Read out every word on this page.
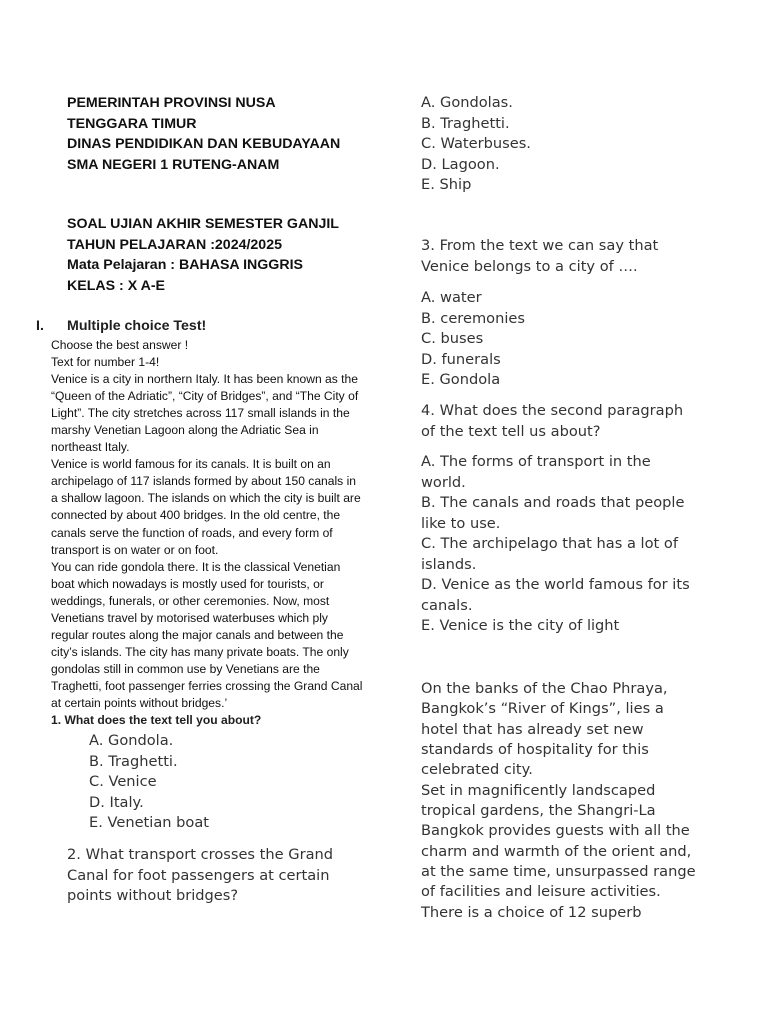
PEMERINTAH PROVINSI NUSA
TENGGARA TIMUR
DINAS PENDIDIKAN DAN KEBUDAYAAN
SMA NEGERI 1 RUTENG-ANAM
SOAL UJIAN AKHIR SEMESTER GANJIL
TAHUN PELAJARAN :2024/2025
Mata Pelajaran : BAHASA INGGRIS
KELAS : X A-E
I. Multiple choice Test!
Choose the best answer !
Text for number 1-4!
Venice is a city in northern Italy. It has been known as the
“Queen of the Adriatic”, “City of Bridges”, and “The City of
Light”. The city stretches across 117 small islands in the
marshy Venetian Lagoon along the Adriatic Sea in
northeast Italy.
Venice is world famous for its canals. It is built on an
archipelago of 117 islands formed by about 150 canals in
a shallow lagoon. The islands on which the city is built are
connected by about 400 bridges. In the old centre, the
canals serve the function of roads, and every form of
transport is on water or on foot.
You can ride gondola there. It is the classical Venetian
boat which nowadays is mostly used for tourists, or
weddings, funerals, or other ceremonies. Now, most
Venetians travel by motorised waterbuses which ply
regular routes along the major canals and between the
city’s islands. The city has many private boats. The only
gondolas still in common use by Venetians are the
Traghetti, foot passenger ferries crossing the Grand Canal
at certain points without bridges.’
1. What does the text tell you about?
A. Gondola.
B. Traghetti.
C. Venice
D. Italy.
E. Venetian boat
2. What transport crosses the Grand
Canal for foot passengers at certain
points without bridges?
A. Gondolas.
B. Traghetti.
C. Waterbuses.
D. Lagoon.
E. Ship
3. From the text we can say that
Venice belongs to a city of ….
A. water
B. ceremonies
C. buses
D. funerals
E. Gondola
4. What does the second paragraph
of the text tell us about?
A. The forms of transport in the
world.
B. The canals and roads that people
like to use.
C. The archipelago that has a lot of
islands.
D. Venice as the world famous for its
canals.
E. Venice is the city of light
On the banks of the Chao Phraya,
Bangkok’s “River of Kings”, lies a
hotel that has already set new
standards of hospitality for this
celebrated city.
Set in magnificently landscaped
tropical gardens, the Shangri-La
Bangkok provides guests with all the
charm and warmth of the orient and,
at the same time, unsurpassed range
of facilities and leisure activities.
There is a choice of 12 superb
